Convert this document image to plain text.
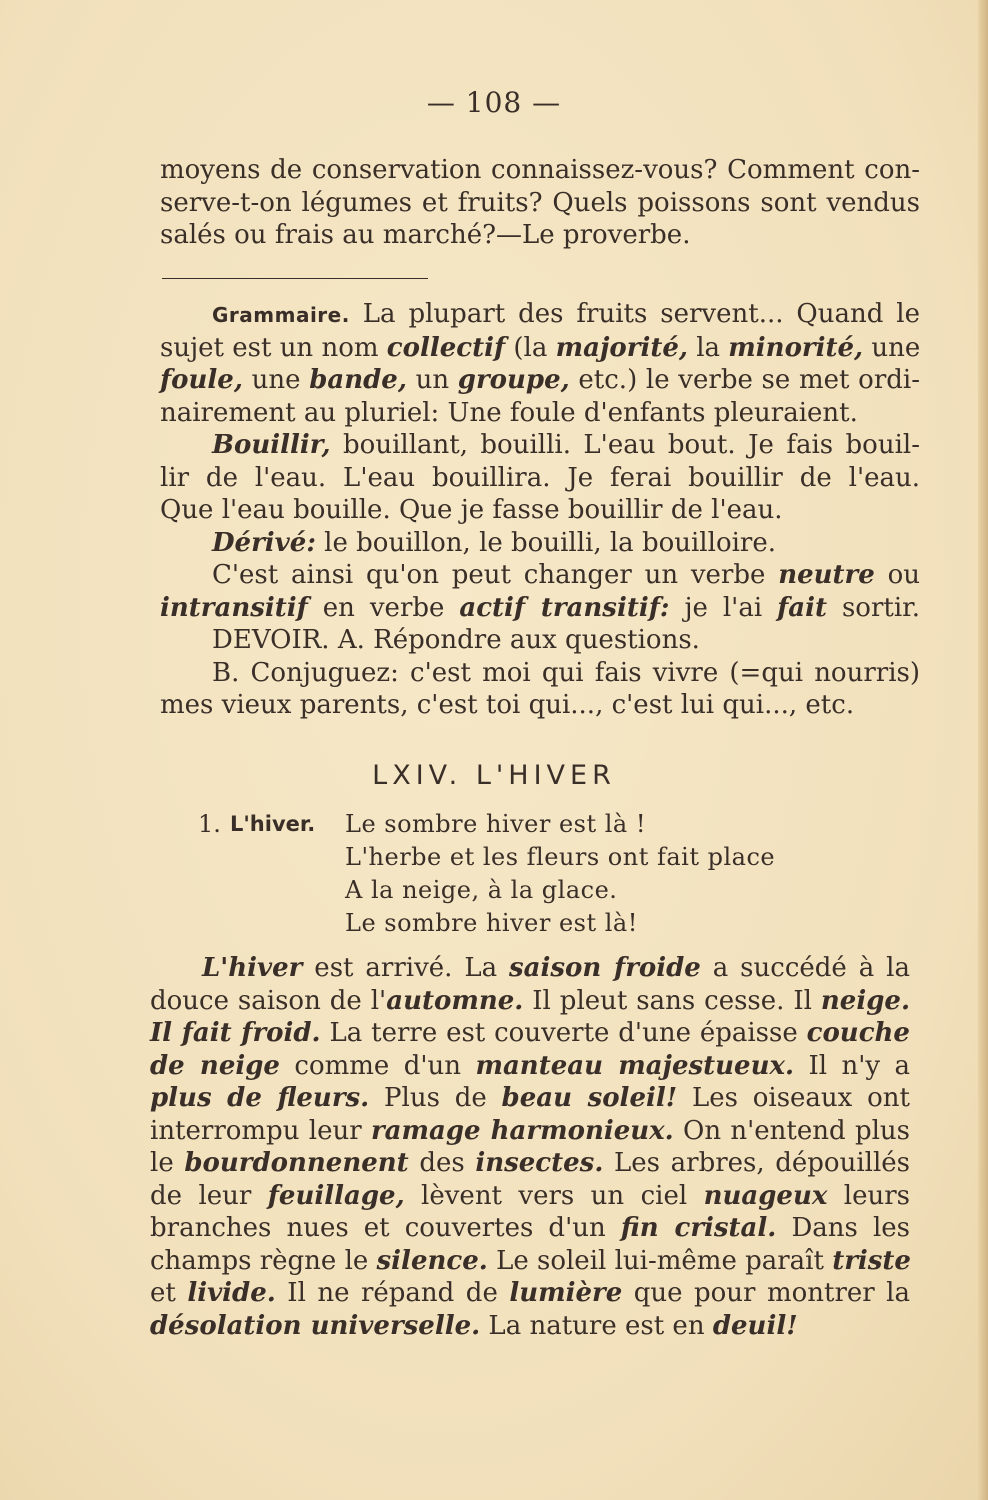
— 108 —
moyens de conservation connaissez-vous? Comment con-
serve-t-on légumes et fruits? Quels poissons sont vendus
salés ou frais au marché?—Le proverbe.
Grammaire. La plupart des fruits servent... Quand le
sujet est un nom collectif (la majorité, la minorité, une
foule, une bande, un groupe, etc.) le verbe se met ordi-
nairement au pluriel: Une foule d'enfants pleuraient.
Bouillir, bouillant, bouilli. L'eau bout. Je fais bouil-
lir de l'eau. L'eau bouillira. Je ferai bouillir de l'eau.
Que l'eau bouille. Que je fasse bouillir de l'eau.
Dérivé: le bouillon, le bouilli, la bouilloire.
C'est ainsi qu'on peut changer un verbe neutre ou
intransitif en verbe actif transitif: je l'ai fait sortir.
DEVOIR. A. Répondre aux questions.
B. Conjuguez: c'est moi qui fais vivre (=qui nourris)
mes vieux parents, c'est toi qui..., c'est lui qui..., etc.
LXIV. L'HIVER
1. L'hiver.	Le sombre hiver est là !
L'herbe et les fleurs ont fait place
A la neige, à la glace.
Le sombre hiver est là!
L'hiver est arrivé. La saison froide a succédé à la
douce saison de l'automne. Il pleut sans cesse. Il neige.
Il fait froid. La terre est couverte d'une épaisse couche
de neige comme d'un manteau majestueux. Il n'y a
plus de fleurs. Plus de beau soleil! Les oiseaux ont
interrompu leur ramage harmonieux. On n'entend plus
le bourdonnenent des insectes. Les arbres, dépouillés
de leur feuillage, lèvent vers un ciel nuageux leurs
branches nues et couvertes d'un fin cristal. Dans les
champs règne le silence. Le soleil lui-même paraît triste
et livide. Il ne répand de lumière que pour montrer la
désolation universelle. La nature est en deuil!
